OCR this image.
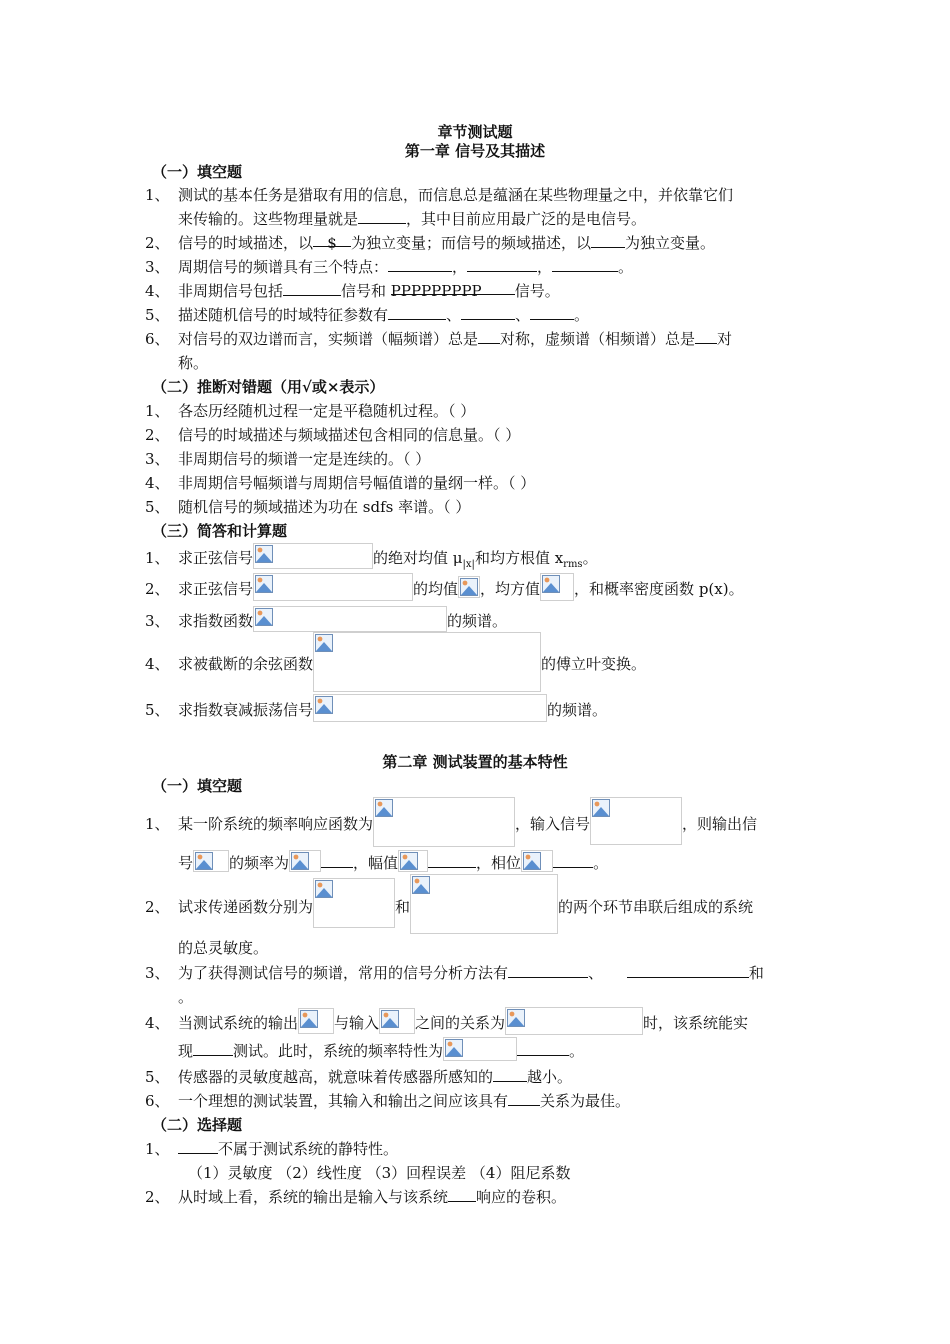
章节测试题
第一章 信号及其描述
（一）填空题
1、 测试的基本任务是猎取有用的信息，而信息总是蕴涵在某些物理量之中，并依靠它们
来传输的。这些物理量就是	，其中目前应用最广泛的是电信号。
2、 信号的时域描述，以 $ 为独立变量；而信号的频域描述，以 为独立变量。
3、 周期信号的频谱具有三个特点：	，	，	。
4、 非周期信号包括	信号和 PPPPPPPPP 信号。
5、 描述随机信号的时域特征参数有	、	、	。
6、 对信号的双边谱而言，实频谱（幅频谱）总是 对称，虚频谱（相频谱）总是 对
称。
（二）推断对错题（用√或×表示）
1、 各态历经随机过程一定是平稳随机过程。（ ）
2、 信号的时域描述与频域描述包含相同的信息量。（ ）
3、 非周期信号的频谱一定是连续的。（ ）
4、 非周期信号幅频谱与周期信号幅值谱的量纲一样。（ ）
5、 随机信号的频域描述为功在 sdfs 率谱。（ ）
（三）简答和计算题
1、 求正弦信号	的绝对均值 $\mu_{|x|}$和均方根值 $x_{rms}$。
2、 求正弦信号	的均值 ，均方值 ，和概率密度函数 p(x)。
3、 求指数函数	的频谱。
4、 求被截断的余弦函数	的傅立叶变换。
5、 求指数衰减振荡信号	的频谱。
第二章 测试装置的基本特性
（一）填空题
1、 某一阶系统的频率响应函数为	，输入信号	，则输出信
号 的频率为	，幅值	，相位	。
2、 试求传递函数分别为	和	的两个环节串联后组成的系统
的总灵敏度。
3、 为了获得测试信号的频谱，常用的信号分析方法有	、	和
。
4、 当测试系统的输出 与输入 之间的关系为	时，该系统能实
现	测试。此时，系统的频率特性为	。
5、 传感器的灵敏度越高，就意味着传感器所感知的 越小。
6、 一个理想的测试装置，其输入和输出之间应该具有 关系为最佳。
（二）选择题
1、	不属于测试系统的静特性。
（1）灵敏度 （2）线性度 （3）回程误差 （4）阻尼系数
2、 从时域上看，系统的输出是输入与该系统 响应的卷积。
